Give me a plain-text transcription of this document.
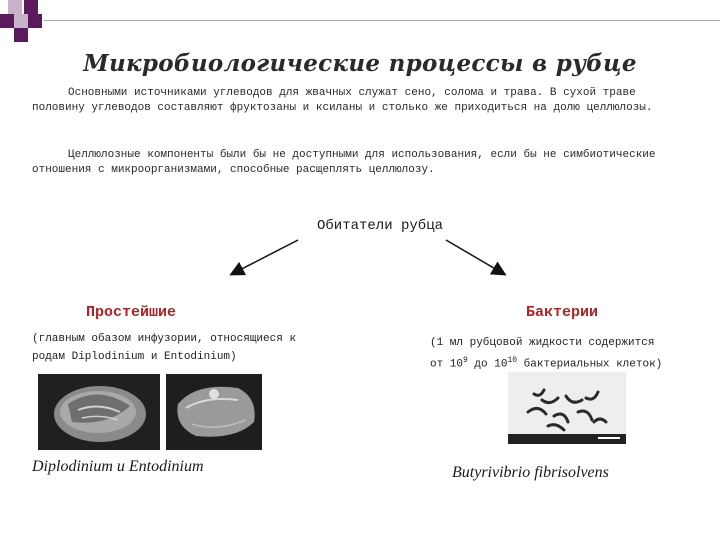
Микробиологические процессы в рубце
Основными источниками углеводов для жвачных служат сено, солома и трава. В сухой траве половину углеводов составляют фруктозаны и ксиланы и столько же приходиться на долю целлюлозы.
Целлюлозные компоненты были бы не доступными для использования, если бы не симбиотические отношения с микроорганизмами, способные расщеплять целлюлозу.
Обитатели рубца
Простейшие	Бактерии
(главным обазом инфузории, относящиеся к
родам Diplodinium и Entodinium)
(1 мл рубцовой жидкости содержится
от $10^9$ до $10^{10}$ бактериальных клеток)
Diplodinium и Entodinium	Butyrivibrio fibrisolvens
